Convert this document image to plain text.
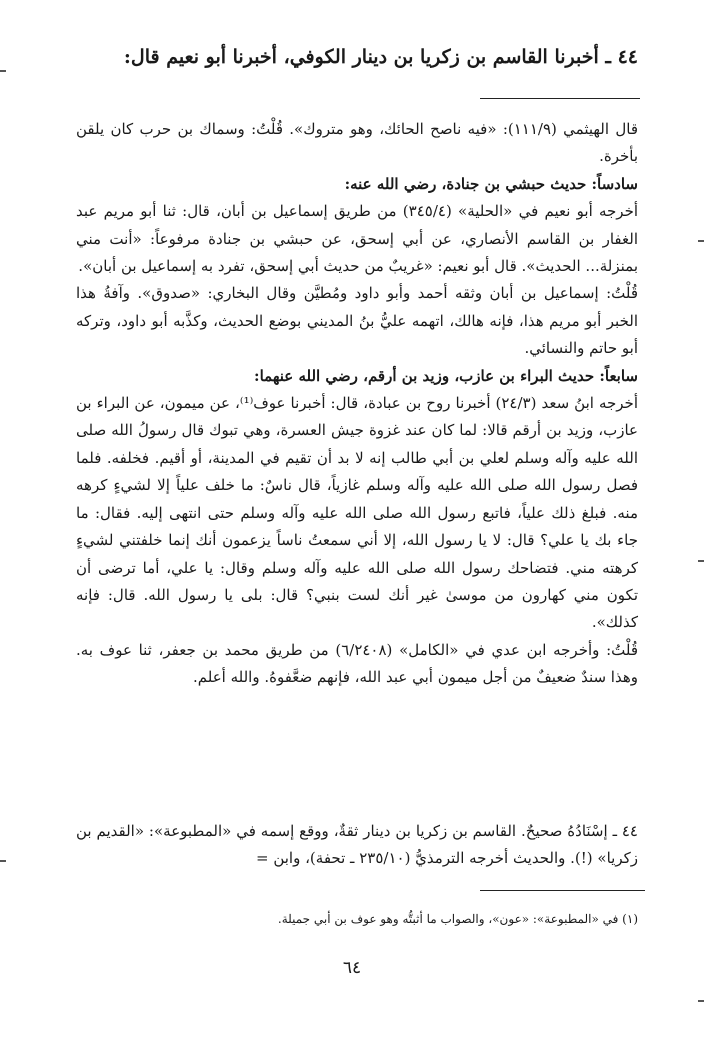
٤٤ ـ أخبرنا القاسم بن زكريا بن دينار الكوفي، أخبرنا أبو نعيم قال:

قال الهيثمي (١١١/٩): «فيه ناصح الحائك، وهو متروك». قُلْتُ: وسماك بن حرب كان يلقن بأخرة.

سادساً: حديث حبشي بن جنادة، رضي الله عنه:

أخرجه أبو نعيم في «الحلية» (٣٤٥/٤) من طريق إسماعيل بن أبان، قال: ثنا أبو مريم عبد الغفار بن القاسم الأنصاري، عن أبي إسحق، عن حبشي بن جنادة مرفوعاً: «أنت مني بمنزلة... الحديث». قال أبو نعيم: «غريبٌ من حديث أبي إسحق، تفرد به إسماعيل بن أبان».

قُلْتُ: إسماعيل بن أبان وثقه أحمد وأبو داود ومُطيَّن وقال البخاري: «صدوق». وآفةُ هذا الخبر أبو مريم هذا، فإنه هالك، اتهمه عليُّ بنُ المديني بوضع الحديث، وكذَّبه أبو داود، وتركه أبو حاتم والنسائي.

سابعاً: حديث البراء بن عازب، وزيد بن أرقم، رضي الله عنهما:

أخرجه ابنُ سعد (٢٤/٣) أخبرنا روح بن عبادة، قال: أخبرنا عوف⁽¹⁾، عن ميمون، عن البراء بن عازب، وزيد بن أرقم قالا: لما كان عند غزوة جيش العسرة، وهي تبوك قال رسولُ الله صلى الله عليه وآله وسلم لعلي بن أبي طالب إنه لا بد أن تقيم في المدينة، أو أقيم. فخلفه. فلما فصل رسول الله صلى الله عليه وآله وسلم غازياً، قال ناسٌ: ما خلف علياً إلا لشيءٍ كرهه منه. فبلغ ذلك علياً، فاتبع رسول الله صلى الله عليه وآله وسلم حتى انتهى إليه. فقال: ما جاء بك يا علي؟ قال: لا يا رسول الله، إلا أني سمعتُ ناساً يزعمون أنك إنما خلفتني لشيءٍ كرهته مني. فتضاحك رسول الله صلى الله عليه وآله وسلم وقال: يا علي، أما ترضى أن تكون مني كهارون من موسىٰ غير أنك لست بنبي؟ قال: بلى يا رسول الله. قال: فإنه كذلك».

قُلْتُ: وأخرجه ابن عدي في «الكامل» (٦/٢٤٠٨) من طريق محمد بن جعفر، ثنا عوف به. وهذا سندٌ ضعيفٌ من أجل ميمون أبي عبد الله، فإنهم ضعَّفوهُ. والله أعلم.

٤٤ ـ إسْنَادُهُ صحيحٌ. القاسم بن زكريا بن دينار ثقةٌ، ووقع إسمه في «المطبوعة»: «القديم بن زكريا» (!). والحديث أخرجه الترمذيُّ (٢٣٥/١٠ ـ تحفة)، وابن =

(١) في «المطبوعة»: «عون»، والصواب ما أثبتُّه وهو عوف بن أبي جميلة.
٦٤
